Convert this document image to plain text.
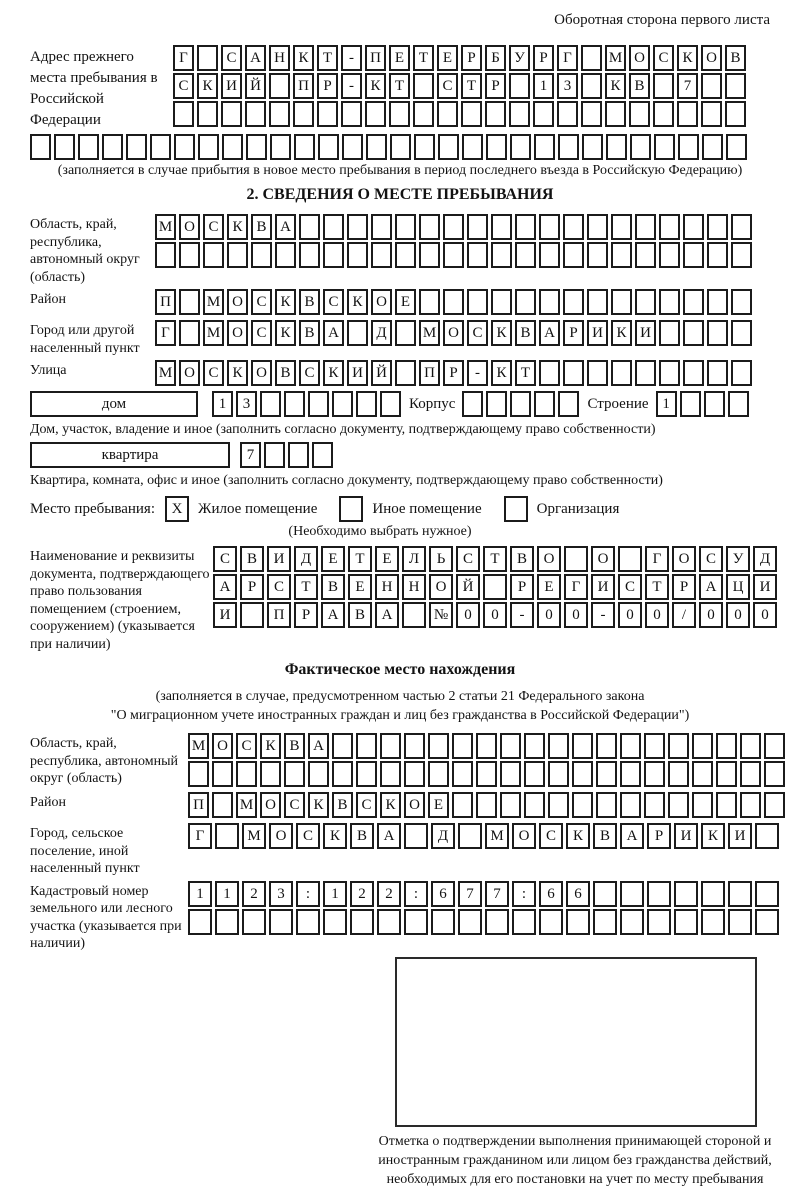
Оборотная сторона первого листа
Адрес прежнего места пребывания в Российской Федерации
Г	С А Н К Т - П Е Т Е Р Б У Р Г М О С К О В
С К И Й П Р - К Т	С Т Р	1 3	К В	7
(заполняется в случае прибытия в новое место пребывания в период последнего въезда в Российскую Федерацию)
2. СВЕДЕНИЯ О МЕСТЕ ПРЕБЫВАНИЯ
Область, край, республика, автономный округ (область)
М О С К В А
Район	П М О С К В С К О Е
Город или другой населенный пункт
Г М О С К В А Д М О С К В А Р И К И
Улица	М О С К О В С К И Й П Р - К Т
дом	1 3	Корпус	Строение 1
Дом, участок, владение и иное (заполнить согласно документу, подтверждающему право собственности)
квартира	7
Квартира, комната, офис и иное (заполнить согласно документу, подтверждающему право собственности)
Место пребывания:	X	Жилое помещение	Иное помещение	Организация
(Необходимо выбрать нужное)
Наименование и реквизиты документа, подтверждающего право пользования помещением (строением, сооружением) (указывается при наличии)
С В И Д Е Т Е Л Ь С Т В О	О	Г О С У Д
А Р С Т В Е Н Н О Й	Р Е Г И С Т Р А Ц И
И	П Р А В А	№ 0 0 - 0 0 - 0 0 / 0 0 0
Фактическое место нахождения
(заполняется в случае, предусмотренном частью 2 статьи 21 Федерального закона
"О миграционном учете иностранных граждан и лиц без гражданства в Российской Федерации")
Область, край, республика, автономный округ (область)
М О С К В А
Район	П М О С К В С К О Е
Город, сельское поселение, иной населенный пункт
Г	М О С К В А	Д	М О С К В А Р И К И
Кадастровый номер земельного или лесного участка (указывается при наличии)
1 1 2 3 : 1 2 2 : 6 7 7 : 6 6
Отметка о подтверждении выполнения принимающей стороной и иностранным гражданином или лицом без гражданства действий, необходимых для его постановки на учет по месту пребывания
